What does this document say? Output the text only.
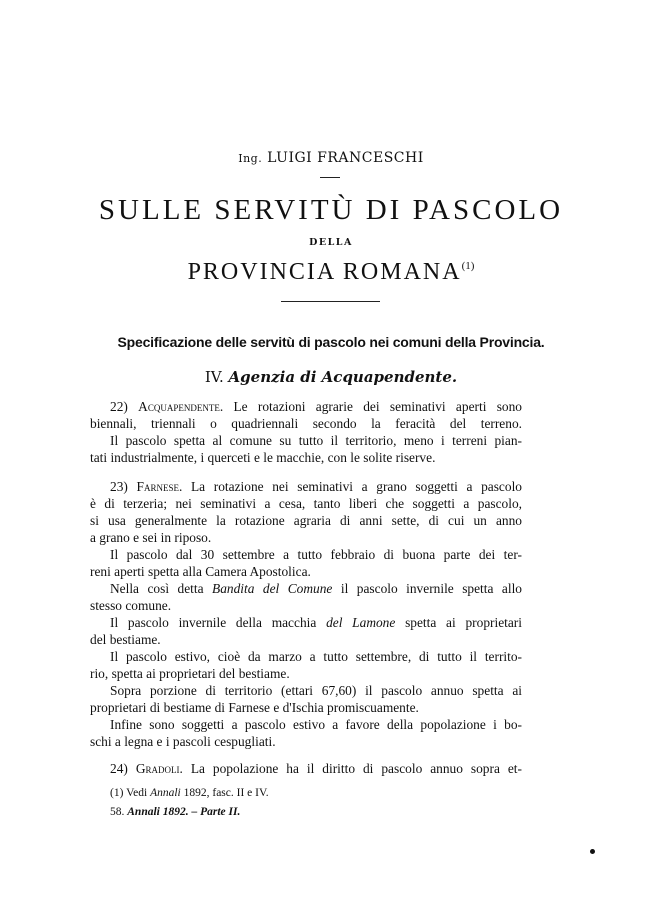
Ing. LUIGI FRANCESCHI

SULLE SERVITÙ DI PASCOLO

DELLA

PROVINCIA ROMANA$^{(1)}$

Specificazione delle servitù di pascolo nei comuni della Provincia.

IV. Agenzia di Acquapendente.

22) Acquapendente. Le rotazioni agrarie dei seminativi aperti sono

biennali, triennali o quadriennali secondo la feracità del terreno.

Il pascolo spetta al comune su tutto il territorio, meno i terreni pian-

tati industrialmente, i querceti e le macchie, con le solite riserve.

23) Farnese. La rotazione nei seminativi a grano soggetti a pascolo

è di terzeria; nei seminativi a cesa, tanto liberi che soggetti a pascolo,

si usa generalmente la rotazione agraria di anni sette, di cui un anno

a grano e sei in riposo.

Il pascolo dal 30 settembre a tutto febbraio di buona parte dei ter-

reni aperti spetta alla Camera Apostolica.

Nella così detta Bandita del Comune il pascolo invernile spetta allo

stesso comune.

Il pascolo invernile della macchia del Lamone spetta ai proprietari

del bestiame.

Il pascolo estivo, cioè da marzo a tutto settembre, di tutto il territo-

rio, spetta ai proprietari del bestiame.

Sopra porzione di territorio (ettari 67,60) il pascolo annuo spetta ai

proprietari di bestiame di Farnese e d'Ischia promiscuamente.

Infine sono soggetti a pascolo estivo a favore della popolazione i bo-

schi a legna e i pascoli cespugliati.

24) Gradoli. La popolazione ha il diritto di pascolo annuo sopra et-

(1) Vedi Annali 1892, fasc. II e IV.

58. Annali 1892. – Parte II.
